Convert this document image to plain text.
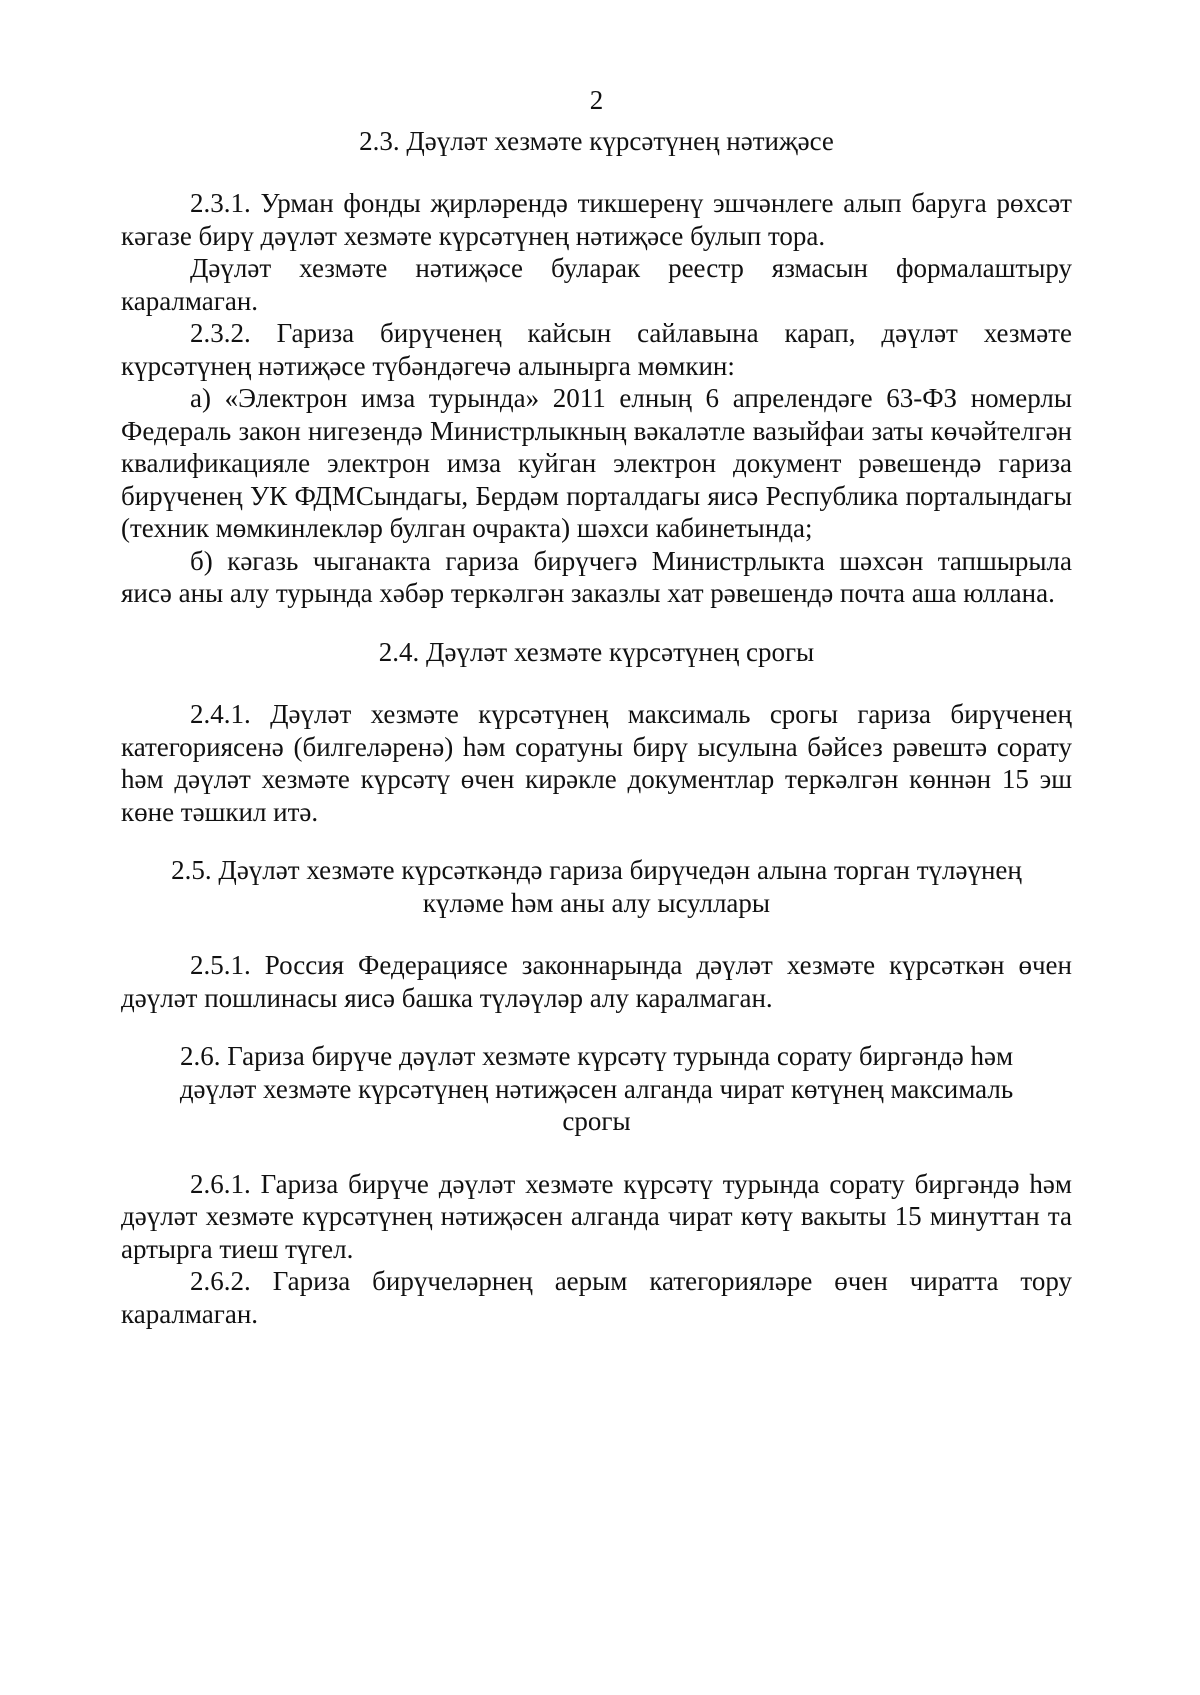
2
2.3. Дәүләт хезмәте күрсәтүнең нәтиҗәсе

2.3.1. Урман фонды җирләрендә тикшеренү эшчәнлеге алып баруга рөхсәт кәгазе бирү дәүләт хезмәте күрсәтүнең нәтиҗәсе булып тора.

Дәүләт хезмәте нәтиҗәсе буларак реестр язмасын формалаштыру каралмаган.

2.3.2. Гариза бирүченең кайсын сайлавына карап, дәүләт хезмәте күрсәтүнең нәтиҗәсе түбәндәгечә алынырга мөмкин:

а) «Электрон имза турында» 2011 елның 6 апрелендәге 63-ФЗ номерлы Федераль закон нигезендә Министрлыкның вәкаләтле вазыйфаи заты көчәйтелгән квалификацияле электрон имза куйган электрон документ рәвешендә гариза бирүченең УК ФДМСындагы, Бердәм порталдагы яисә Республика порталындагы (техник мөмкинлекләр булган очракта) шәхси кабинетында;

б) кәгазь чыганакта гариза бирүчегә Министрлыкта шәхсән тапшырыла яисә аны алу турында хәбәр теркәлгән заказлы хат рәвешендә почта аша юллана.

2.4. Дәүләт хезмәте күрсәтүнең срогы

2.4.1. Дәүләт хезмәте күрсәтүнең максималь срогы гариза бирүченең категориясенә (билгеләренә) һәм соратуны бирү ысулына бәйсез рәвештә сорату һәм дәүләт хезмәте күрсәтү өчен кирәкле документлар теркәлгән көннән 15 эш көне тәшкил итә.

2.5. Дәүләт хезмәте күрсәткәндә гариза бирүчедән алына торган түләүнең
күләме һәм аны алу ысуллары

2.5.1. Россия Федерациясе законнарында дәүләт хезмәте күрсәткән өчен дәүләт пошлинасы яисә башка түләүләр алу каралмаган.

2.6. Гариза бирүче дәүләт хезмәте күрсәтү турында сорату биргәндә һәм
дәүләт хезмәте күрсәтүнең нәтиҗәсен алганда чират көтүнең максималь
срогы

2.6.1. Гариза бирүче дәүләт хезмәте күрсәтү турында сорату биргәндә һәм дәүләт хезмәте күрсәтүнең нәтиҗәсен алганда чират көтү вакыты 15 минуттан та артырга тиеш түгел.

2.6.2. Гариза бирүчеләрнең аерым категорияләре өчен чиратта тору каралмаган.
